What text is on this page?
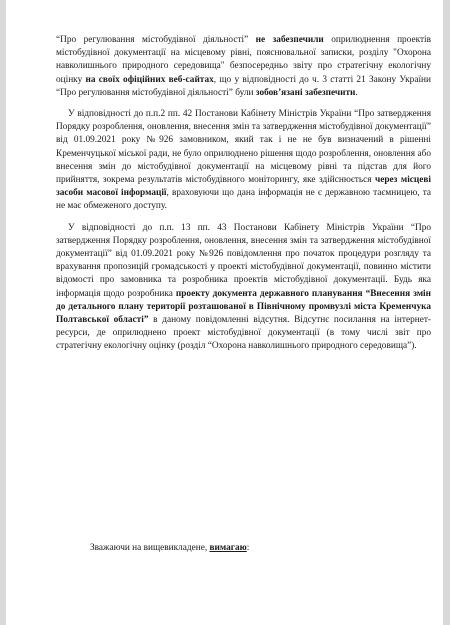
“Про регулювання містобудівної діяльності” не забезпечили оприлюднення проектів містобудівної документації на місцевому рівні, пояснювальної записки, розділу "Охорона навколишнього природного середовища" безпосередньо звіту про стратегічну екологічну оцінку на своїх офіційних веб-сайтах, що у відповідності до ч. 3 статті 21 Закону України “Про регулювання містобудівної діяльності” були зобов’язані забезпечити.

У відповідності до п.п.2 пп. 42 Постанови Кабінету Міністрів України “Про затвердження Порядку розроблення, оновлення, внесення змін та затвердження містобудівної документації” від 01.09.2021 року №926 замовником, який так і не не був визначений в рішенні Кременчуцької міської ради, не було оприлюднено рішення щодо розроблення, оновлення або внесення змін до містобудівної документації на місцевому рівні та підстав для його прийняття, зокрема результатів містобудівного моніторингу, яке здійснюється через місцеві засоби масової інформації, враховуючи що дана інформація не є державною таємницею, та не має обмеженого доступу.

У відповідності до п.п. 13 пп. 43 Постанови Кабінету Міністрів України “Про затвердження Порядку розроблення, оновлення, внесення змін та затвердження містобудівної документації” від 01.09.2021 року №926 повідомлення про початок процедури розгляду та врахування пропозицій громадськості у проекті містобудівної документації, повинно містити відомості про замовника та розробника проектів містобудівної документації. Будь яка інформація щодо розробника проекту документа державного планування “Внесення змін до детального плану території розташованої в Північному промвузлі міста Кременчука Полтавської області” в даному повідомленні відсутня. Відсутнє посилання на інтернет-ресурси, де оприлюднено проект містобудівної документації (в тому числі звіт про стратегічну екологічну оцінку (розділ “Охорона навколишнього природного середовища”).

Зважаючи на вищевикладене, вимагаю:
